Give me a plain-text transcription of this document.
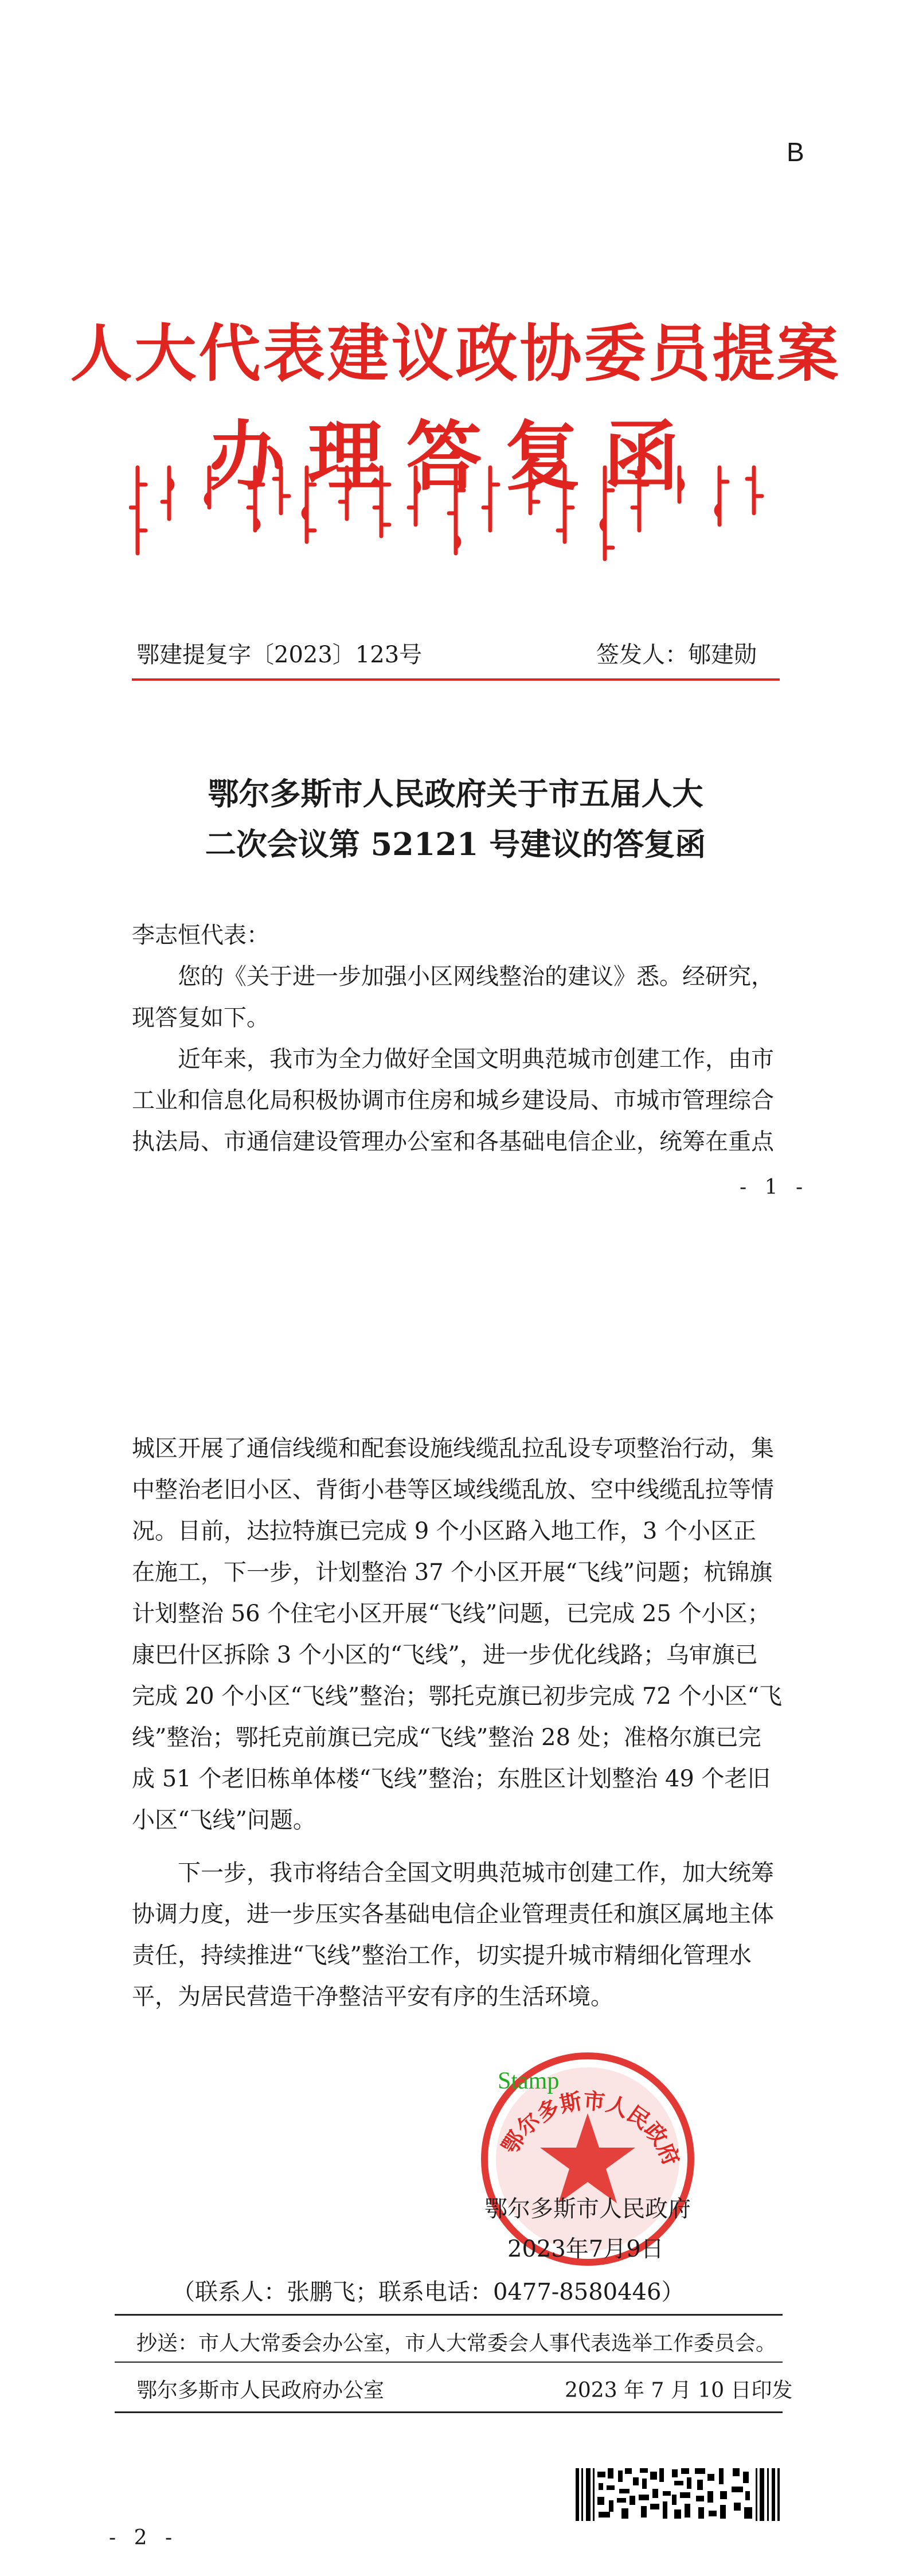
B
人大代表建议政协委员提案
办理答复函
鄂建提复字〔2023〕123号	签发人：郇建勋
鄂尔多斯市人民政府关于市五届人大
二次会议第 52121 号建议的答复函
李志恒代表：
您的《关于进一步加强小区网线整治的建议》悉。经研究，
现答复如下。
近年来，我市为全力做好全国文明典范城市创建工作，由市
工业和信息化局积极协调市住房和城乡建设局、市城市管理综合
执法局、市通信建设管理办公室和各基础电信企业，统筹在重点
- 1 -
城区开展了通信线缆和配套设施线缆乱拉乱设专项整治行动，集
中整治老旧小区、背街小巷等区域线缆乱放、空中线缆乱拉等情
况。目前，达拉特旗已完成 9 个小区路入地工作，3 个小区正
在施工，下一步，计划整治 37 个小区开展“飞线”问题；杭锦旗
计划整治 56 个住宅小区开展“飞线”问题，已完成 25 个小区；
康巴什区拆除 3 个小区的“飞线”，进一步优化线路；乌审旗已
完成 20 个小区“飞线”整治；鄂托克旗已初步完成 72 个小区“飞
线”整治；鄂托克前旗已完成“飞线”整治 28 处；准格尔旗已完
成 51 个老旧栋单体楼“飞线”整治；东胜区计划整治 49 个老旧
小区“飞线”问题。
下一步，我市将结合全国文明典范城市创建工作，加大统筹
协调力度，进一步压实各基础电信企业管理责任和旗区属地主体
责任，持续推进“飞线”整治工作，切实提升城市精细化管理水
平，为居民营造干净整洁平安有序的生活环境。
鄂尔多斯市人民政府
Stamp
鄂尔多斯市人民政府
2023年7月9日
（联系人：张鹏飞；联系电话：0477-8580446）
抄送：市人大常委会办公室，市人大常委会人事代表选举工作委员会。
鄂尔多斯市人民政府办公室	2023 年 7 月 10 日印发
- 2 -
